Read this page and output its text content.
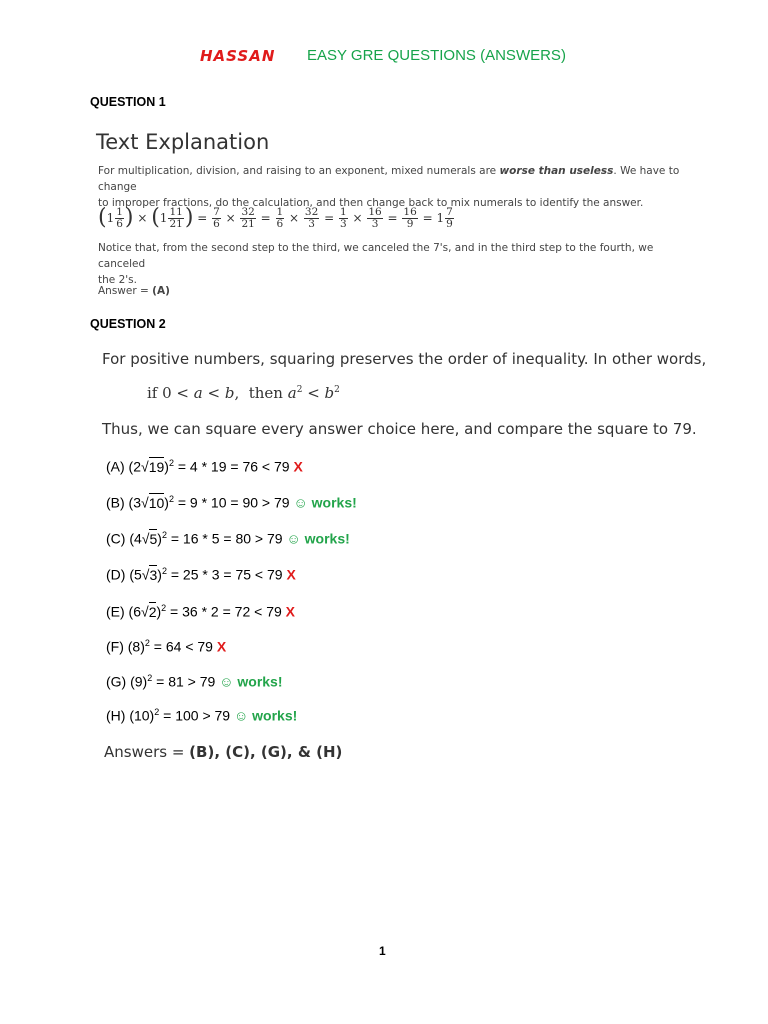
HASSAN EASY GRE QUESTIONS (ANSWERS)
QUESTION 1
Text Explanation
For multiplication, division, and raising to an exponent, mixed numerals are worse than useless. We have to change
to improper fractions, do the calculation, and then change back to mix numerals to identify the answer.
( $1 \frac{1}{6}$ ) × ( $1 \frac{11}{21}$ ) = $\frac{7}{6} \times \frac{32}{21} = \frac{1}{6} \times \frac{32}{3} = \frac{1}{3} \times \frac{16}{3} = \frac{16}{9} = 1 \frac{7}{9}$
Notice that, from the second step to the third, we canceled the 7's, and in the third step to the fourth, we canceled
the 2's.
Answer = (A)
QUESTION 2
For positive numbers, squaring preserves the order of inequality. In other words,
if 0 < a < b,  then $a^2 < b^2$
Thus, we can square every answer choice here, and compare the square to 79.
(A) $(2√19)^2 = 4 * 19 = 76 < 79$ X
(B) $(3√10)^2 = 9 * 10 = 90 > 79$ ☺ works!
(C) $(4√5)^2 = 16 * 5 = 80 > 79$ ☺ works!
(D) $(5√3)^2 = 25 * 3 = 75 < 79$ X
(E) $(6√2)^2 = 36 * 2 = 72 < 79$ X
(F) $(8)^2 = 64 < 79$ X
(G) $(9)^2 = 81 > 79$ ☺ works!
(H) $(10)^2 = 100 > 79$ ☺ works!
Answers = (B), (C), (G), & (H)
1
